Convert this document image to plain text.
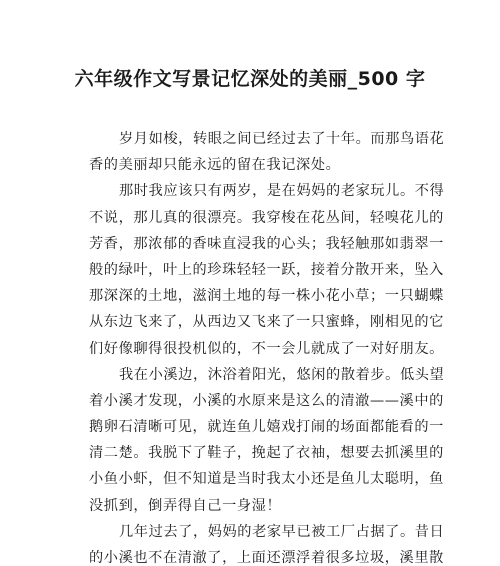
六年级作文写景记忆深处的美丽_500 字

岁月如梭，转眼之间已经过去了十年。而那鸟语花
香的美丽却只能永远的留在我记深处。

那时我应该只有两岁，是在妈妈的老家玩儿。不得
不说，那儿真的很漂亮。我穿梭在花丛间，轻嗅花儿的
芳香，那浓郁的香味直浸我的心头；我轻触那如翡翠一
般的绿叶，叶上的珍珠轻轻一跃，接着分散开来，坠入
那深深的土地，滋润土地的每一株小花小草；一只蝴蝶
从东边飞来了，从西边又飞来了一只蜜蜂，刚相见的它
们好像聊得很投机似的，不一会儿就成了一对好朋友。

我在小溪边，沐浴着阳光，悠闲的散着步。低头望
着小溪才发现，小溪的水原来是这么的清澈——溪中的
鹅卵石清晰可见，就连鱼儿嬉戏打闹的场面都能看的一
清二楚。我脱下了鞋子，挽起了衣袖，想要去抓溪里的
小鱼小虾，但不知道是当时我太小还是鱼儿太聪明，鱼
没抓到，倒弄得自己一身湿！

几年过去了，妈妈的老家早已被工厂占据了。昔日
的小溪也不在清澈了，上面还漂浮着很多垃圾，溪里散
